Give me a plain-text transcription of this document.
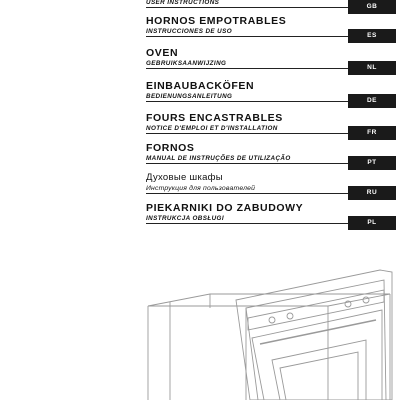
USER INSTRUCTIONS
GB
HORNOS EMPOTRABLES
INSTRUCCIONES DE USO
ES
OVEN
GEBRUIKSAANWIJZING
NL
EINBAUBACKÖFEN
BEDIENUNGSANLEITUNG
DE
FOURS ENCASTRABLES
NOTICE D'EMPLOI ET D'INSTALLATION
FR
FORNOS
MANUAL DE INSTRUÇÕES DE UTILIZAÇÃO
PT
Духовые шкафы
Инструкция для пользователей
RU
PIEKARNIKI DO ZABUDOWY
INSTRUKCJA OBSŁUGI
PL
